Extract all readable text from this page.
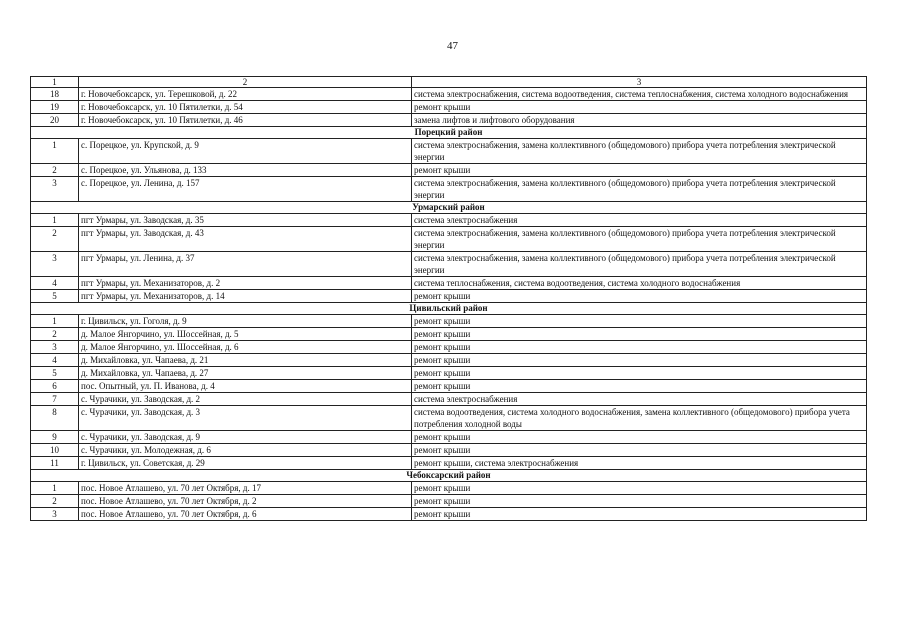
47
1	2	3
18	г. Новочебоксарск, ул. Терешковой, д. 22	система электроснабжения, система водоотведения, система теплоснабжения, система холодного водоснабжения
19	г. Новочебоксарск, ул. 10 Пятилетки, д. 54	ремонт крыши
20	г. Новочебоксарск, ул. 10 Пятилетки, д. 46	замена лифтов и лифтового оборудования
Порецкий район		
1	с. Порецкое, ул. Крупской, д. 9	система электроснабжения, замена коллективного (общедомового) прибора учета потребления электрической энергии
2	с. Порецкое, ул. Ульянова, д. 133	ремонт крыши
3	с. Порецкое, ул. Ленина, д. 157	система электроснабжения, замена коллективного (общедомового) прибора учета потребления электрической энергии
Урмарский район		
1	пгт Урмары, ул. Заводская, д. 35	система электроснабжения
2	пгт Урмары, ул. Заводская, д. 43	система электроснабжения, замена коллективного (общедомового) прибора учета потребления электрической энергии
3	пгт Урмары, ул. Ленина, д. 37	система электроснабжения, замена коллективного (общедомового) прибора учета потребления электрической энергии
4	пгт Урмары, ул. Механизаторов, д. 2	система теплоснабжения, система водоотведения, система холодного водоснабжения
5	пгт Урмары, ул. Механизаторов, д. 14	ремонт крыши
Цивильский район		
1	г. Цивильск, ул. Гоголя, д. 9	ремонт крыши
2	д. Малое Янгорчино, ул. Шоссейная, д. 5	ремонт крыши
3	д. Малое Янгорчино, ул. Шоссейная, д. 6	ремонт крыши
4	д. Михайловка, ул. Чапаева, д. 21	ремонт крыши
5	д. Михайловка, ул. Чапаева, д. 27	ремонт крыши
6	пос. Опытный, ул. П. Иванова, д. 4	ремонт крыши
7	с. Чурачики, ул. Заводская, д. 2	система электроснабжения
8	с. Чурачики, ул. Заводская, д. 3	система водоотведения, система холодного водоснабжения, замена коллективного (общедомового) прибора учета потребления холодной воды
9	с. Чурачики, ул. Заводская, д. 9	ремонт крыши
10	с. Чурачики, ул. Молодежная, д. 6	ремонт крыши
11	г. Цивильск, ул. Советская, д. 29	ремонт крыши, система электроснабжения
Чебоксарский район		
1	пос. Новое Атлашево, ул. 70 лет Октября, д. 17	ремонт крыши
2	пос. Новое Атлашево, ул. 70 лет Октября, д. 2	ремонт крыши
3	пос. Новое Атлашево, ул. 70 лет Октября, д. 6	ремонт крыши
